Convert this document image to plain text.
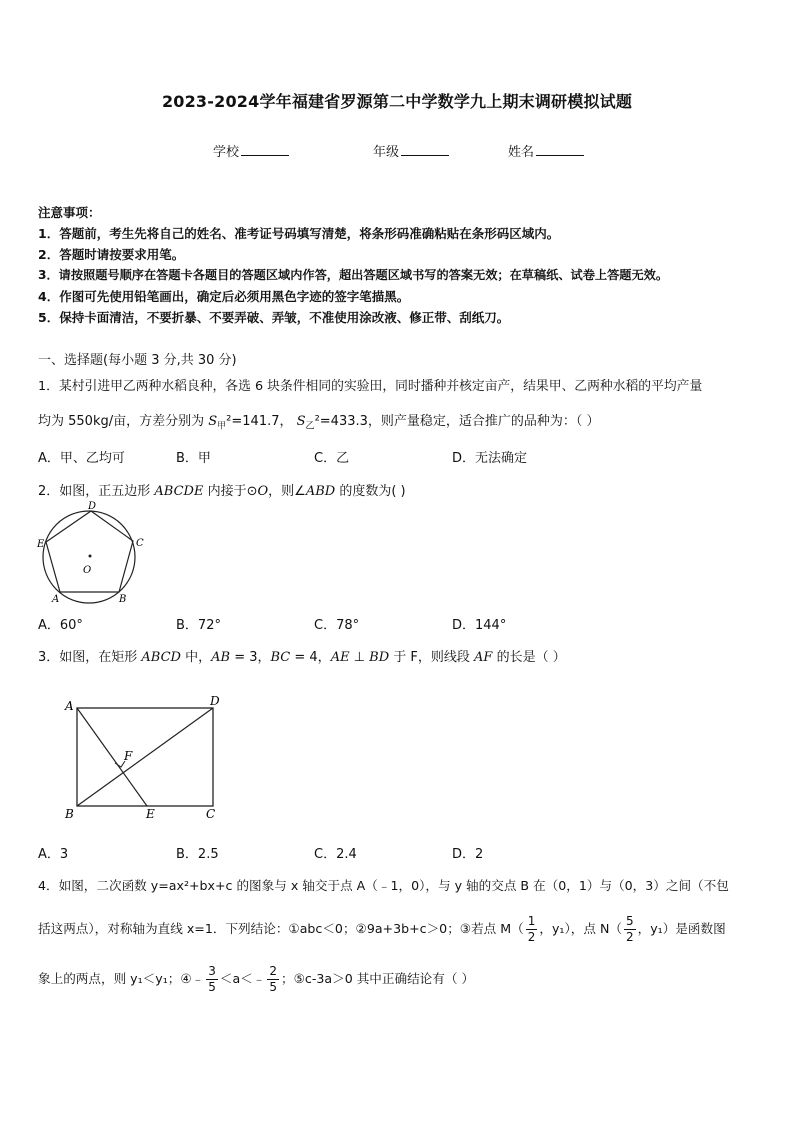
2023-2024学年福建省罗源第二中学数学九上期末调研模拟试题
学校	年级	姓名
注意事项：
1．答题前，考生先将自己的姓名、准考证号码填写清楚，将条形码准确粘贴在条形码区域内。
2．答题时请按要求用笔。
3．请按照题号顺序在答题卡各题目的答题区域内作答，超出答题区域书写的答案无效；在草稿纸、试卷上答题无效。
4．作图可先使用铅笔画出，确定后必须用黑色字迹的签字笔描黑。
5．保持卡面清洁，不要折暴、不要弄破、弄皱，不准使用涂改液、修正带、刮纸刀。
一、选择题(每小题 3 分,共 30 分)
1．某村引进甲乙两种水稻良种，各选 6 块条件相同的实验田，同时播种并核定亩产，结果甲、乙两种水稻的平均产量
均为 550kg/亩，方差分别为 $S_甲^2=141.7$， $S_乙^2=433.3$，则产量稳定，适合推广的品种为：（ ）
A．甲、乙均可	B．甲	C．乙	D．无法确定
2．如图，正五边形 ABCDE 内接于⊙O，则∠ABD 的度数为( )
D
C
E
A	B
O
A．60°	B．72°	C．78°	D．144°
3．如图，在矩形 ABCD 中，AB = 3，BC = 4，AE ⊥ BD 于 F，则线段 AF 的长是（ ）
A	D
B	C
E
F
A．3	B．2.5	C．2.4	D．2
4．如图，二次函数 y=ax²+bx+c 的图象与 x 轴交于点 A（﹣1，0），与 y 轴的交点 B 在（0，1）与（0，3）之间（不包
括这两点），对称轴为直线 x=1．下列结论：①abc＜0；②9a+3b+c＞0；③若点 $M( \frac{1}{2}$ ，y₁），点 $N( \frac{5}{2}$ ，y₁）是函数图
象上的两点，则 y₁＜y₁；④﹣ $\frac{3}{5}$ ＜a＜﹣ $\frac{2}{5}$ ；⑤c-3a＞0 其中正确结论有（ ）
